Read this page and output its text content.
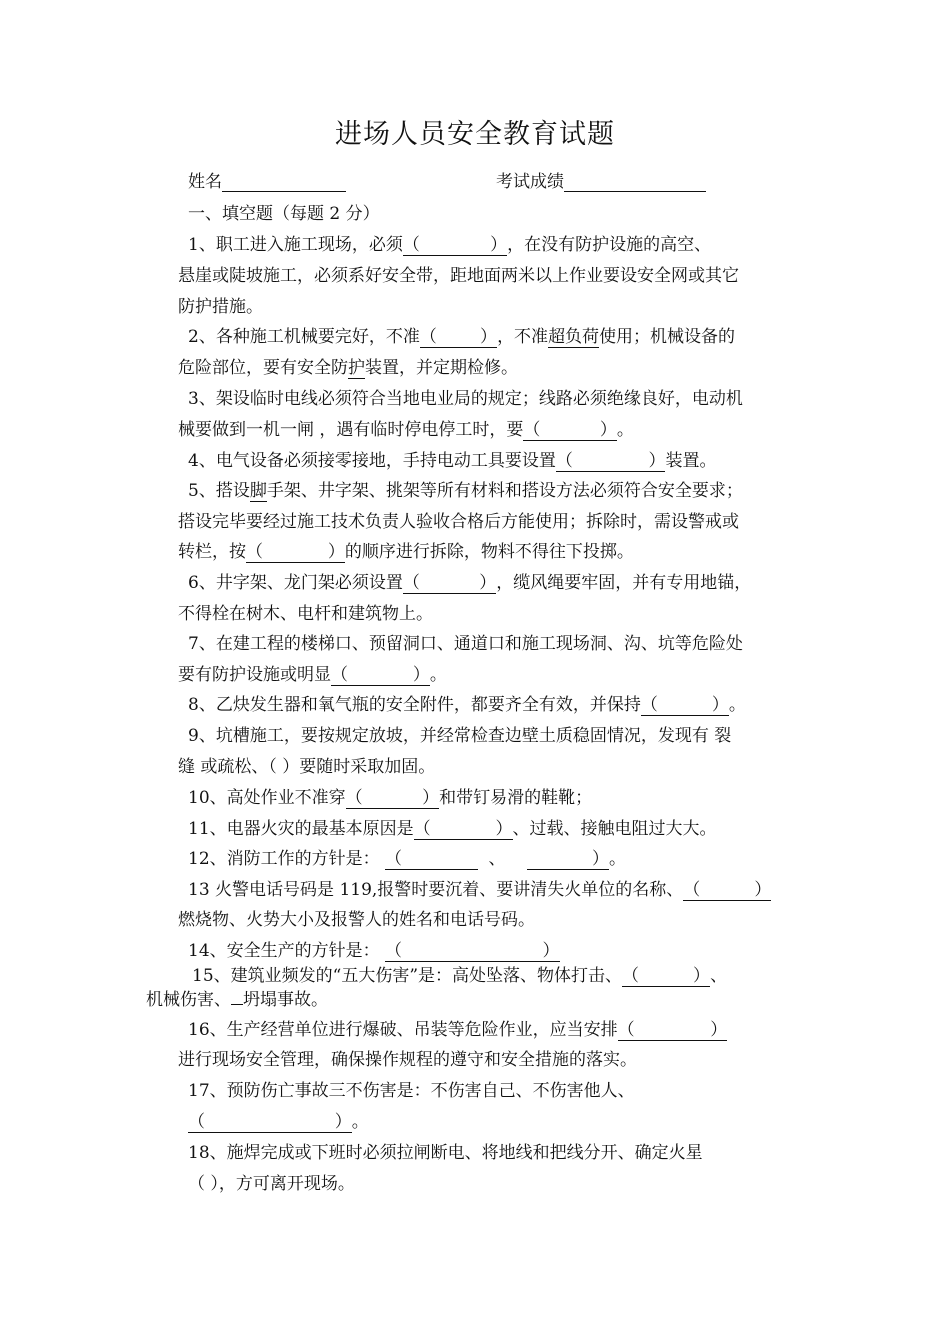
进场人员安全教育试题
姓名	考试成绩
一、填空题（每题 2 分）
1、职工进入施工现场，必须（             ），在没有防护设施的高空、
悬崖或陡坡施工，必须系好安全带，距地面两米以上作业要设安全网或其它
防护措施。
2、各种施工机械要完好，不准（        ），不准超负荷使用；机械设备的
危险部位，要有安全防护装置，并定期检修。
3、架设临时电线必须符合当地电业局的规定；线路必须绝缘良好，电动机
械要做到一机一闸 ，遇有临时停电停工时，要（           ）。
4、电气设备必须接零接地，手持电动工具要设置（              ）装置。
5、搭设脚手架、井字架、挑架等所有材料和搭设方法必须符合安全要求；
搭设完毕要经过施工技术负责人验收合格后方能使用；拆除时，需设警戒或
转栏，按（            ）的顺序进行拆除，物料不得往下投掷。
6、井字架、龙门架必须设置（           ），缆风绳要牢固，并有专用地锚，
不得栓在树木、电杆和建筑物上。
7、在建工程的楼梯口、预留洞口、通道口和施工现场洞、沟、坑等危险处
要有防护设施或明显（            ）。
8、乙炔发生器和氧气瓶的安全附件，都要齐全有效，并保持（          ）。
9、坑槽施工，要按规定放坡，并经常检查边壁土质稳固情况，发现有 裂
缝 或疏松、（ ）要随时采取加固。
10、高处作业不准穿（           ）和带钉易滑的鞋靴；
11、电器火灾的最基本原因是（            ）、过载、接触电阻过大大。
12、消防工作的方针是： （                、                ）。
13 火警电话号码是 119,报警时要沉着、要讲清失火单位的名称、（          ）
燃烧物、火势大小及报警人的姓名和电话号码。
14、安全生产的方针是： （                          ）
15、建筑业频发的“五大伤害”是：高处坠落、物体打击、（          ）、
机械伤害、 坍塌事故。
16、生产经营单位进行爆破、吊装等危险作业，应当安排（              ）
进行现场安全管理，确保操作规程的遵守和安全措施的落实。
17、预防伤亡事故三不伤害是：不伤害自己、不伤害他人、
（                        ）。
18、施焊完成或下班时必须拉闸断电、将地线和把线分开、确定火星
（ ），方可离开现场。
